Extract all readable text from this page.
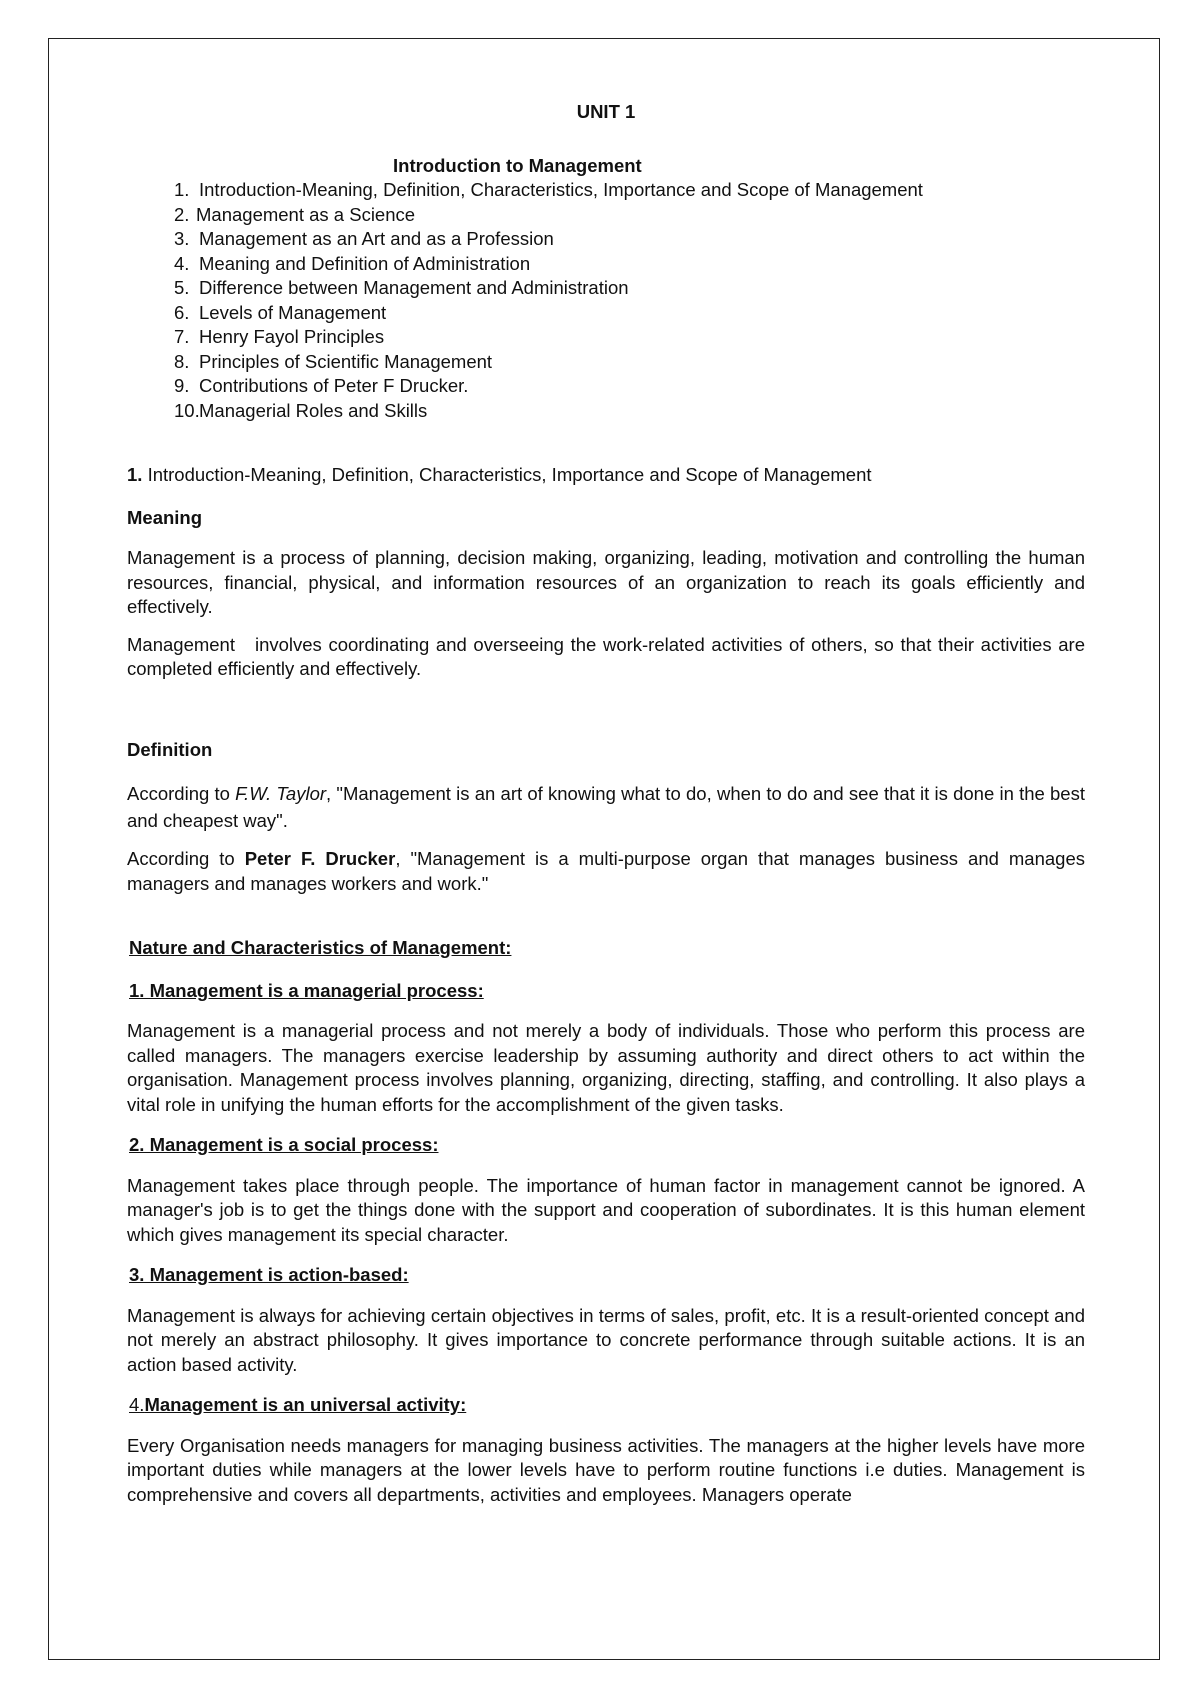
UNIT 1
Introduction to Management
1. Introduction-Meaning, Definition, Characteristics, Importance and Scope of Management
2. Management as a Science
3. Management as an Art and as a Profession
4. Meaning and Definition of Administration
5. Difference between Management and Administration
6. Levels of Management
7. Henry Fayol Principles
8. Principles of Scientific Management
9. Contributions of Peter F Drucker.
10.Managerial Roles and Skills
1. Introduction-Meaning, Definition, Characteristics, Importance and Scope of Management
Meaning

Management is a process of planning, decision making, organizing, leading, motivation and controlling the human resources, financial, physical, and information resources of an organization to reach its goals efficiently and effectively.

Management   involves coordinating and overseeing the work-related activities of others, so that their activities are completed efficiently and effectively.

Definition

According to F.W. Taylor, "Management is an art of knowing what to do, when to do and see that it is done in the best and cheapest way".

According to Peter F. Drucker, "Management is a multi-purpose organ that manages business and manages managers and manages workers and work."

Nature and Characteristics of Management:
1. Management is a managerial process:

Management is a managerial process and not merely a body of individuals. Those who perform this process are called managers. The managers exercise leadership by assuming authority and direct others to act within the organisation. Management process involves planning, organizing, directing, staffing, and controlling. It also plays a vital role in unifying the human efforts for the accomplishment of the given tasks.

2. Management is a social process:

Management takes place through people. The importance of human factor in management cannot be ignored. A manager's job is to get the things done with the support and cooperation of subordinates. It is this human element which gives management its special character.

3. Management is action-based:

Management is always for achieving certain objectives in terms of sales, profit, etc. It is a result-oriented concept and not merely an abstract philosophy. It gives importance to concrete performance through suitable actions. It is an action based activity.

4.Management is an universal activity:

Every Organisation needs managers for managing business activities. The managers at the higher levels have more important duties while managers at the lower levels have to perform routine functions i.e duties. Management is comprehensive and covers all departments, activities and employees. Managers operate
